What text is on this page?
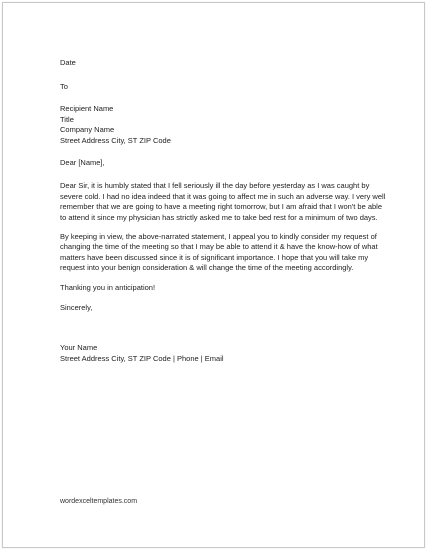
Date
To
Recipient Name
Title
Company Name
Street Address City, ST ZIP Code
Dear [Name],
Dear Sir, it is humbly stated that I fell seriously ill the day before yesterday as I was caught by severe cold. I had no idea indeed that it was going to affect me in such an adverse way. I very well remember that we are going to have a meeting right tomorrow, but I am afraid that I won't be able to attend it since my physician has strictly asked me to take bed rest for a minimum of two days.
By keeping in view, the above-narrated statement, I appeal you to kindly consider my request of changing the time of the meeting so that I may be able to attend it & have the know-how of what matters have been discussed since it is of significant importance. I hope that you will take my request into your benign consideration & will change the time of the meeting accordingly.
Thanking you in anticipation!
Sincerely,
Your Name
Street Address City, ST ZIP Code | Phone | Email
wordexceltemplates.com
